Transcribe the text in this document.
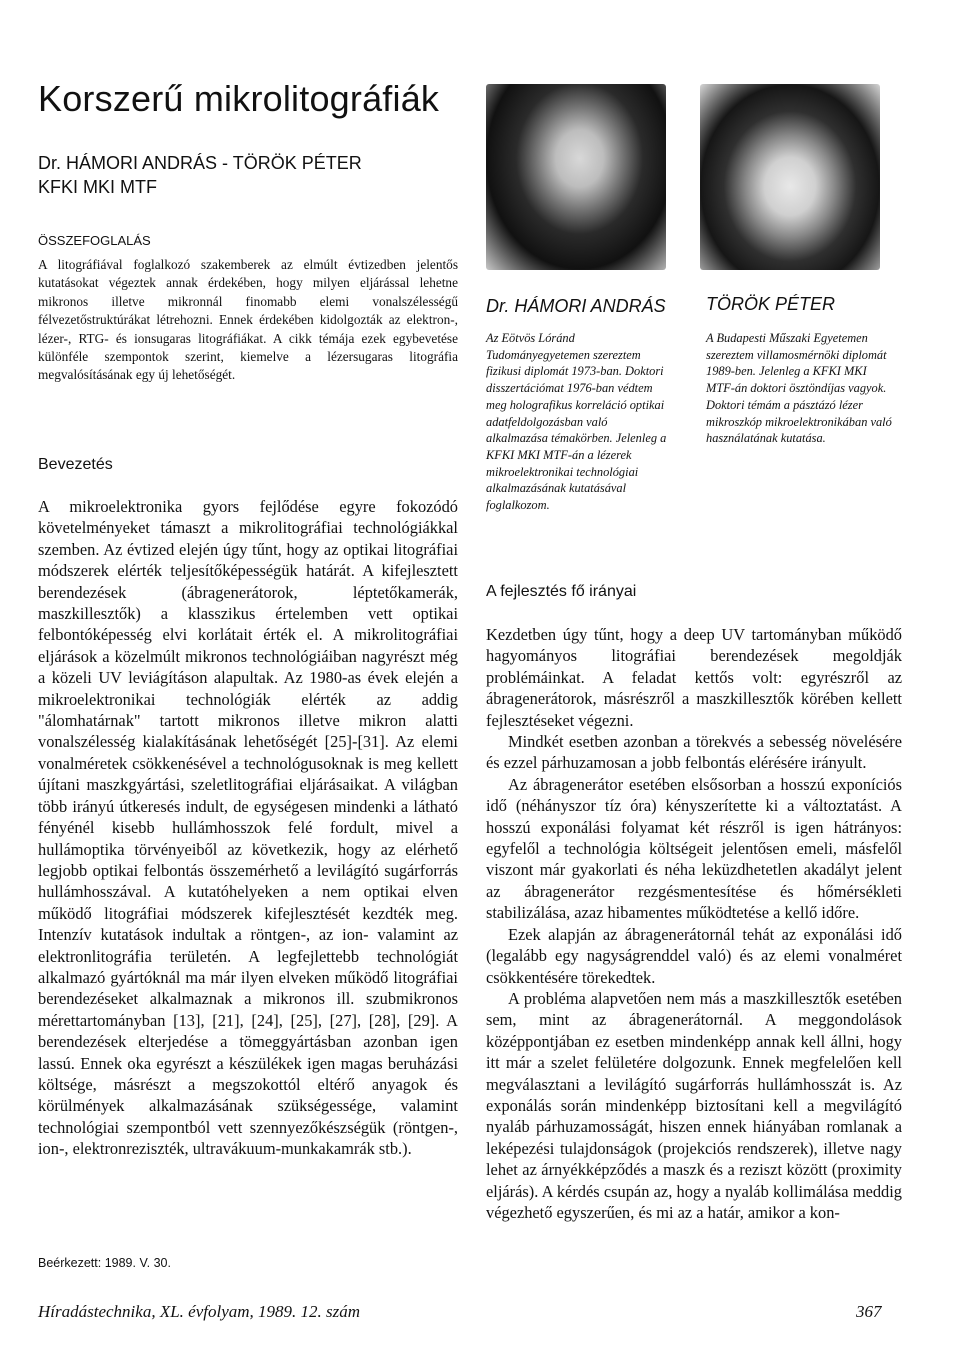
Korszerű mikrolitográfiák
Dr. HÁMORI ANDRÁS - TÖRÖK PÉTER
KFKI MKI MTF
ÖSSZEFOGLALÁS
A litográfiával foglalkozó szakemberek az elmúlt évtizedben jelentős kutatásokat végeztek annak érdekében, hogy milyen eljárással lehetne mikronos illetve mikronnál finomabb elemi vonalszélességű félvezetőstruktúrákat létrehozni. Ennek érdekében kidolgozták az elektron-, lézer-, RTG- és ionsugaras litográfiákat. A cikk témája ezek egybevetése különféle szempontok szerint, kiemelve a lézersugaras litográfia megvalósításának egy új lehetőségét.
Bevezetés

A mikroelektronika gyors fejlődése egyre fokozódó követelményeket támaszt a mikrolitográfiai technológiákkal szemben. Az évtized elején úgy tűnt, hogy az optikai litográfiai módszerek elérték teljesítőképességük határát. A kifejlesztett berendezések (ábragenerátorok, léptetőkamerák, maszkillesztők) a klasszikus értelemben vett optikai felbontóképesség elvi korlátait érték el. A mikrolitográfiai eljárások a közelmúlt mikronos technológiáiban nagyrészt még a közeli UV leviágításon alapultak. Az 1980-as évek elején a mikroelektronikai technológiák elérték az addig "álomhatárnak" tartott mikronos illetve mikron alatti vonalszélesség kialakításának lehetőségét [25]-[31]. Az elemi vonalméretek csökkenésével a technológusoknak is meg kellett újítani maszkgyártási, szeletlitográfiai eljárásaikat. A világban több irányú útkeresés indult, de egységesen mindenki a látható fényénél kisebb hullámhosszok felé fordult, mivel a hullámoptika törvényeiből az következik, hogy az elérhető legjobb optikai felbontás összemérhető a levilágító sugárforrás hullámhosszával. A kutatóhelyeken a nem optikai elven működő litográfiai módszerek kifejlesztését kezdték meg. Intenzív kutatások indultak a röntgen-, az ion- valamint az elektronlitográfia területén. A legfejlettebb technológiát alkalmazó gyártóknál ma már ilyen elveken működő litográfiai berendezéseket alkalmaznak a mikronos ill. szubmikronos mérettartományban [13], [21], [24], [25], [27], [28], [29]. A berendezések elterjedése a tömeggyártásban azonban igen lassú. Ennek oka egyrészt a készülékek igen magas beruházási költsége, másrészt a megszokottól eltérő anyagok és körülmények alkalmazásának szükségessége, valamint technológiai szempontból vett szennyezőkészségük (röntgen-, ion-, elektronreziszték, ultravákuum-munkakamrák stb.).

Beérkezett: 1989. V. 30.
Dr. HÁMORI ANDRÁS TÖRÖK PÉTER
Az Eötvös Lóránd Tudományegyetemen szereztem fizikusi diplomát 1973-ban. Doktori disszertációmat 1976-ban védtem meg holografikus korreláció optikai adatfeldolgozásban való alkalmazása témakörben. Jelenleg a KFKI MKI MTF-án a lézerek mikroelektronikai technológiai alkalmazásának kutatásával foglalkozom.
A Budapesti Műszaki Egyetemen szereztem villamosmérnöki diplomát 1989-ben. Jelenleg a KFKI MKI MTF-án doktori ösztöndíjas vagyok. Doktori témám a pásztázó lézer mikroszkóp mikroelektronikában való használatának kutatása.
A fejlesztés fő irányai

Kezdetben úgy tűnt, hogy a deep UV tartományban működő hagyományos litográfiai berendezések megoldják problémáinkat. A feladat kettős volt: egyrészről az ábragenerátorok, másrészről a maszkillesztők körében kellett fejlesztéseket végezni.

Mindkét esetben azonban a törekvés a sebesség növelésére és ezzel párhuzamosan a jobb felbontás elérésére irányult.

Az ábragenerátor esetében elsősorban a hosszú exponíciós idő (néhányszor tíz óra) kényszerítette ki a változtatást. A hosszú exponálási folyamat két részről is igen hátrányos: egyfelől a technológia költségeit jelentősen emeli, másfelől viszont már gyakorlati és néha leküzdhetetlen akadályt jelent az ábragenerátor rezgésmentesítése és hőmérsékleti stabilizálása, azaz hibamentes működtetése a kellő időre.

Ezek alapján az ábragenerátornál tehát az exponálási idő (legalább egy nagyságrenddel való) és az elemi vonalméret csökkentésére törekedtek.

A probléma alapvetően nem más a maszkillesztők esetében sem, mint az ábragenerátornál. A meggondolások középpontjában ez esetben mindenképp annak kell állni, hogy itt már a szelet felületére dolgozunk. Ennek megfelelően kell megválasztani a levilágító sugárforrás hullámhosszát is. Az exponálás során mindenképp biztosítani kell a megvilágító nyaláb párhuzamosságát, hiszen ennek hiányában romlanak a leképezési tulajdonságok (projekciós rendszerek), illetve nagy lehet az árnyékképződés a maszk és a reziszt között (proximity eljárás). A kérdés csupán az, hogy a nyaláb kollimálása meddig végezhető egyszerűen, és mi az a határ, amikor a kon-

Híradástechnika, XL. évfolyam, 1989. 12. szám	367
